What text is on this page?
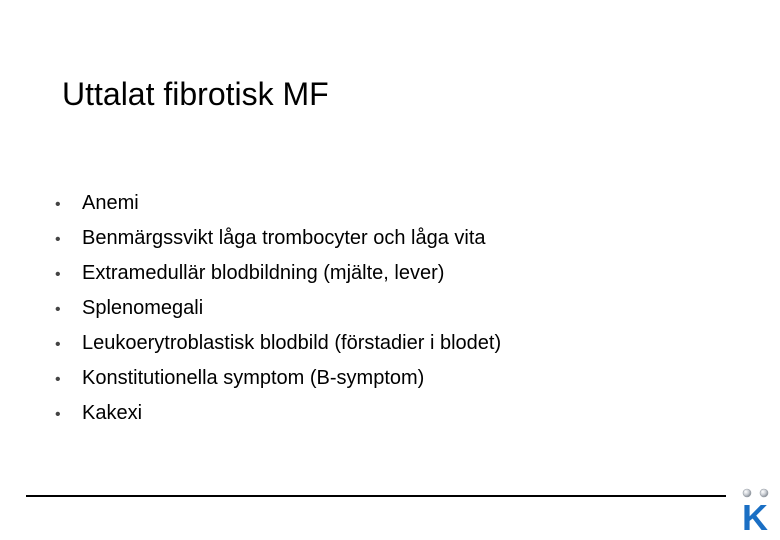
Uttalat fibrotisk MF
•	Anemi
•	Benmärgssvikt låga trombocyter och låga vita
•	Extramedullär blodbildning (mjälte, lever)
•	Splenomegali
•	Leukoerytroblastisk blodbild (förstadier i blodet)
•	Konstitutionella symptom (B-symptom)
•	Kakexi
K
